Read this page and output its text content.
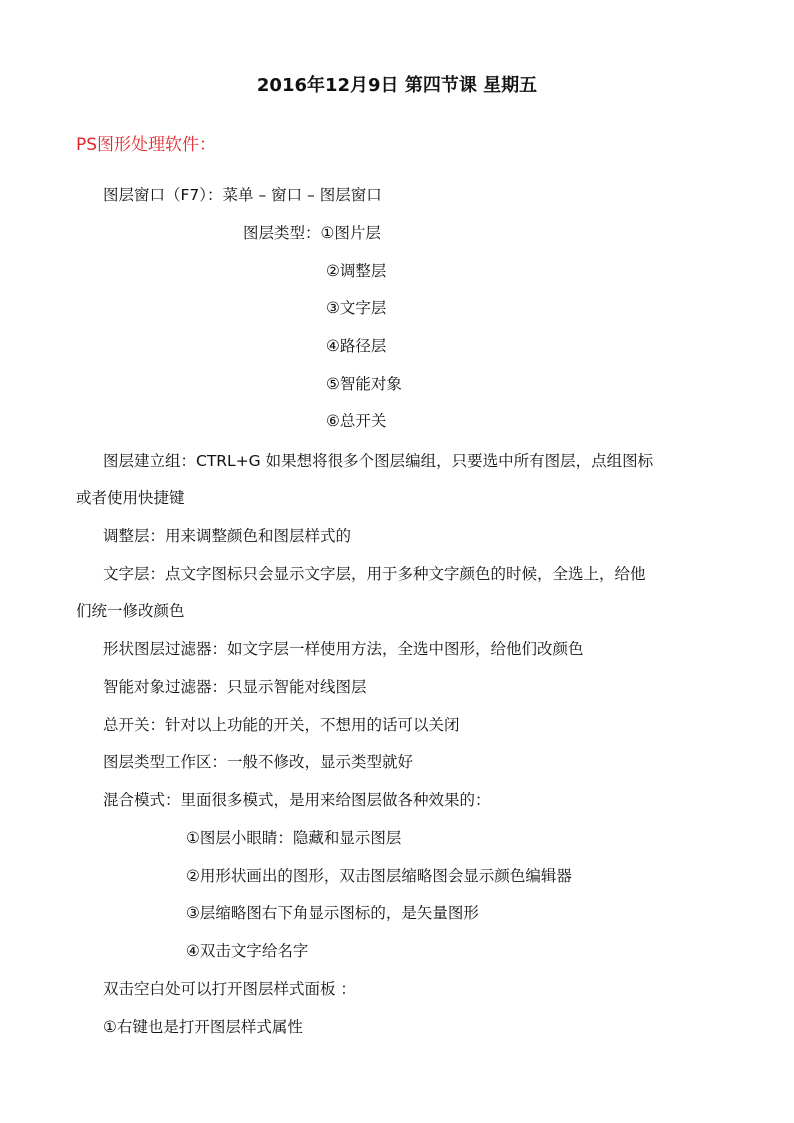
2016年12月9日 第四节课 星期五
PS图形处理软件：
图层窗口（F7）：菜单 – 窗口 – 图层窗口
图层类型：①图片层
②调整层
③文字层
④路径层
⑤智能对象
⑥总开关
图层建立组：CTRL+G 如果想将很多个图层编组，只要选中所有图层，点组图标
或者使用快捷键
调整层：用来调整颜色和图层样式的
文字层：点文字图标只会显示文字层，用于多种文字颜色的时候，全选上，给他
们统一修改颜色
形状图层过滤器：如文字层一样使用方法，全选中图形，给他们改颜色
智能对象过滤器：只显示智能对线图层
总开关：针对以上功能的开关，不想用的话可以关闭
图层类型工作区：一般不修改，显示类型就好
混合模式：里面很多模式，是用来给图层做各种效果的：
①图层小眼睛：隐藏和显示图层
②用形状画出的图形，双击图层缩略图会显示颜色编辑器
③层缩略图右下角显示图标的，是矢量图形
④双击文字给名字
双击空白处可以打开图层样式面板 ：
①右键也是打开图层样式属性
